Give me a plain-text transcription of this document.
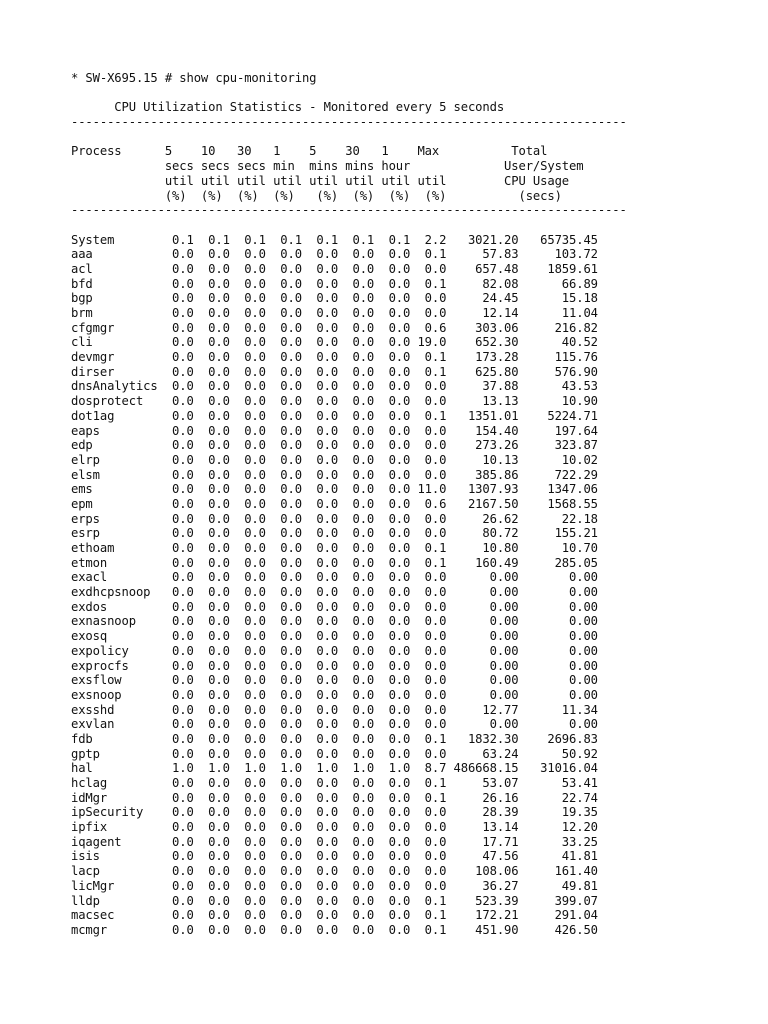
* SW-X695.15 # show cpu-monitoring
CPU Utilization Statistics - Monitored every 5 seconds
-----------------------------------------------------------------------------
Process      5    10   30   1    5    30   1    Max          Total
secs secs secs min  mins mins hour             User/System
util util util util util util util util        CPU Usage
(%)  (%)  (%)  (%)   (%)  (%)  (%)  (%)          (secs)
-----------------------------------------------------------------------------
System        0.1  0.1  0.1  0.1  0.1  0.1  0.1  2.2   3021.20   65735.45
aaa           0.0  0.0  0.0  0.0  0.0  0.0  0.0  0.1     57.83     103.72
acl           0.0  0.0  0.0  0.0  0.0  0.0  0.0  0.0    657.48    1859.61
bfd           0.0  0.0  0.0  0.0  0.0  0.0  0.0  0.1     82.08      66.89
bgp           0.0  0.0  0.0  0.0  0.0  0.0  0.0  0.0     24.45      15.18
brm           0.0  0.0  0.0  0.0  0.0  0.0  0.0  0.0     12.14      11.04
cfgmgr        0.0  0.0  0.0  0.0  0.0  0.0  0.0  0.6    303.06     216.82
cli           0.0  0.0  0.0  0.0  0.0  0.0  0.0 19.0    652.30      40.52
devmgr        0.0  0.0  0.0  0.0  0.0  0.0  0.0  0.1    173.28     115.76
dirser        0.0  0.0  0.0  0.0  0.0  0.0  0.0  0.1    625.80     576.90
dnsAnalytics  0.0  0.0  0.0  0.0  0.0  0.0  0.0  0.0     37.88      43.53
dosprotect    0.0  0.0  0.0  0.0  0.0  0.0  0.0  0.0     13.13      10.90
dot1ag        0.0  0.0  0.0  0.0  0.0  0.0  0.0  0.1   1351.01    5224.71
eaps          0.0  0.0  0.0  0.0  0.0  0.0  0.0  0.0    154.40     197.64
edp           0.0  0.0  0.0  0.0  0.0  0.0  0.0  0.0    273.26     323.87
elrp          0.0  0.0  0.0  0.0  0.0  0.0  0.0  0.0     10.13      10.02
elsm          0.0  0.0  0.0  0.0  0.0  0.0  0.0  0.0    385.86     722.29
ems           0.0  0.0  0.0  0.0  0.0  0.0  0.0 11.0   1307.93    1347.06
epm           0.0  0.0  0.0  0.0  0.0  0.0  0.0  0.6   2167.50    1568.55
erps          0.0  0.0  0.0  0.0  0.0  0.0  0.0  0.0     26.62      22.18
esrp          0.0  0.0  0.0  0.0  0.0  0.0  0.0  0.0     80.72     155.21
ethoam        0.0  0.0  0.0  0.0  0.0  0.0  0.0  0.1     10.80      10.70
etmon         0.0  0.0  0.0  0.0  0.0  0.0  0.0  0.1    160.49     285.05
exacl         0.0  0.0  0.0  0.0  0.0  0.0  0.0  0.0      0.00       0.00
exdhcpsnoop   0.0  0.0  0.0  0.0  0.0  0.0  0.0  0.0      0.00       0.00
exdos         0.0  0.0  0.0  0.0  0.0  0.0  0.0  0.0      0.00       0.00
exnasnoop     0.0  0.0  0.0  0.0  0.0  0.0  0.0  0.0      0.00       0.00
exosq         0.0  0.0  0.0  0.0  0.0  0.0  0.0  0.0      0.00       0.00
expolicy      0.0  0.0  0.0  0.0  0.0  0.0  0.0  0.0      0.00       0.00
exprocfs      0.0  0.0  0.0  0.0  0.0  0.0  0.0  0.0      0.00       0.00
exsflow       0.0  0.0  0.0  0.0  0.0  0.0  0.0  0.0      0.00       0.00
exsnoop       0.0  0.0  0.0  0.0  0.0  0.0  0.0  0.0      0.00       0.00
exsshd        0.0  0.0  0.0  0.0  0.0  0.0  0.0  0.0     12.77      11.34
exvlan        0.0  0.0  0.0  0.0  0.0  0.0  0.0  0.0      0.00       0.00
fdb           0.0  0.0  0.0  0.0  0.0  0.0  0.0  0.1   1832.30    2696.83
gptp          0.0  0.0  0.0  0.0  0.0  0.0  0.0  0.0     63.24      50.92
hal           1.0  1.0  1.0  1.0  1.0  1.0  1.0  8.7 486668.15   31016.04
hclag         0.0  0.0  0.0  0.0  0.0  0.0  0.0  0.1     53.07      53.41
idMgr         0.0  0.0  0.0  0.0  0.0  0.0  0.0  0.1     26.16      22.74
ipSecurity    0.0  0.0  0.0  0.0  0.0  0.0  0.0  0.0     28.39      19.35
ipfix         0.0  0.0  0.0  0.0  0.0  0.0  0.0  0.0     13.14      12.20
iqagent       0.0  0.0  0.0  0.0  0.0  0.0  0.0  0.0     17.71      33.25
isis          0.0  0.0  0.0  0.0  0.0  0.0  0.0  0.0     47.56      41.81
lacp          0.0  0.0  0.0  0.0  0.0  0.0  0.0  0.0    108.06     161.40
licMgr        0.0  0.0  0.0  0.0  0.0  0.0  0.0  0.0     36.27      49.81
lldp          0.0  0.0  0.0  0.0  0.0  0.0  0.0  0.1    523.39     399.07
macsec        0.0  0.0  0.0  0.0  0.0  0.0  0.0  0.1    172.21     291.04
mcmgr         0.0  0.0  0.0  0.0  0.0  0.0  0.0  0.1    451.90     426.50
